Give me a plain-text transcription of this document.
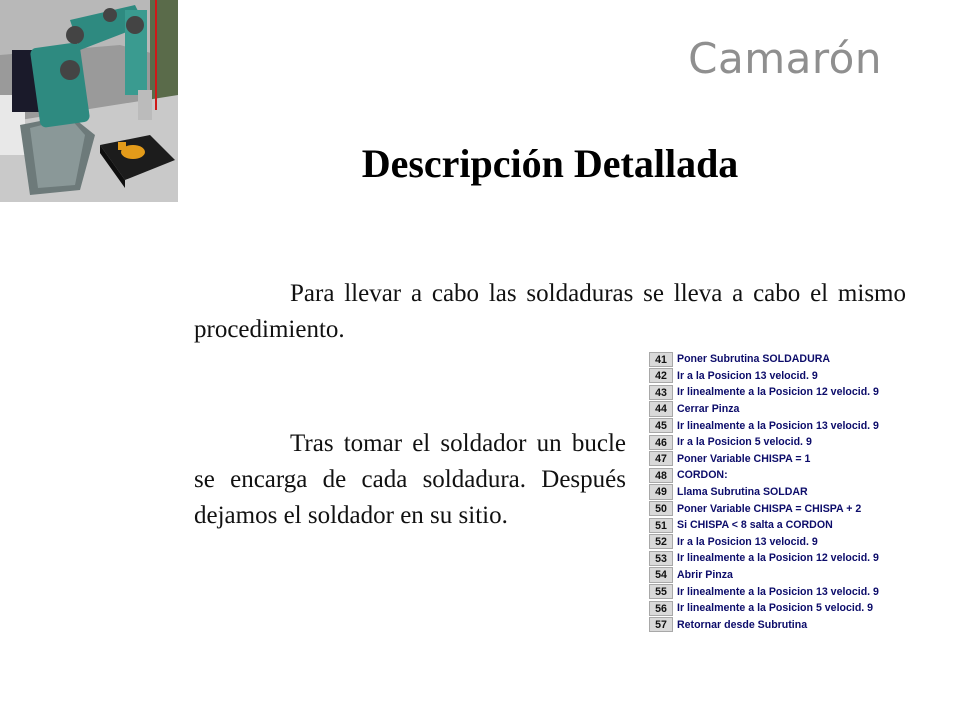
Camarón
Descripción Detallada

Para llevar a cabo las soldaduras se lleva a cabo el mismo procedimiento.

Tras tomar el soldador un bucle se encarga de cada soldadura. Después dejamos el soldador en su sitio.

41 Poner Subrutina SOLDADURA
42 Ir a la Posicion 13 velocid. 9
43 Ir linealmente a la Posicion 12 velocid. 9
44 Cerrar Pinza
45 Ir linealmente a la Posicion 13 velocid. 9
46 Ir a la Posicion 5 velocid. 9
47 Poner Variable CHISPA = 1
48 CORDON:
49 Llama Subrutina SOLDAR
50 Poner Variable CHISPA = CHISPA + 2
51 Si CHISPA < 8 salta a CORDON
52 Ir a la Posicion 13 velocid. 9
53 Ir linealmente a la Posicion 12 velocid. 9
54 Abrir Pinza
55 Ir linealmente a la Posicion 13 velocid. 9
56 Ir linealmente a la Posicion 5 velocid. 9
57 Retornar desde Subrutina
